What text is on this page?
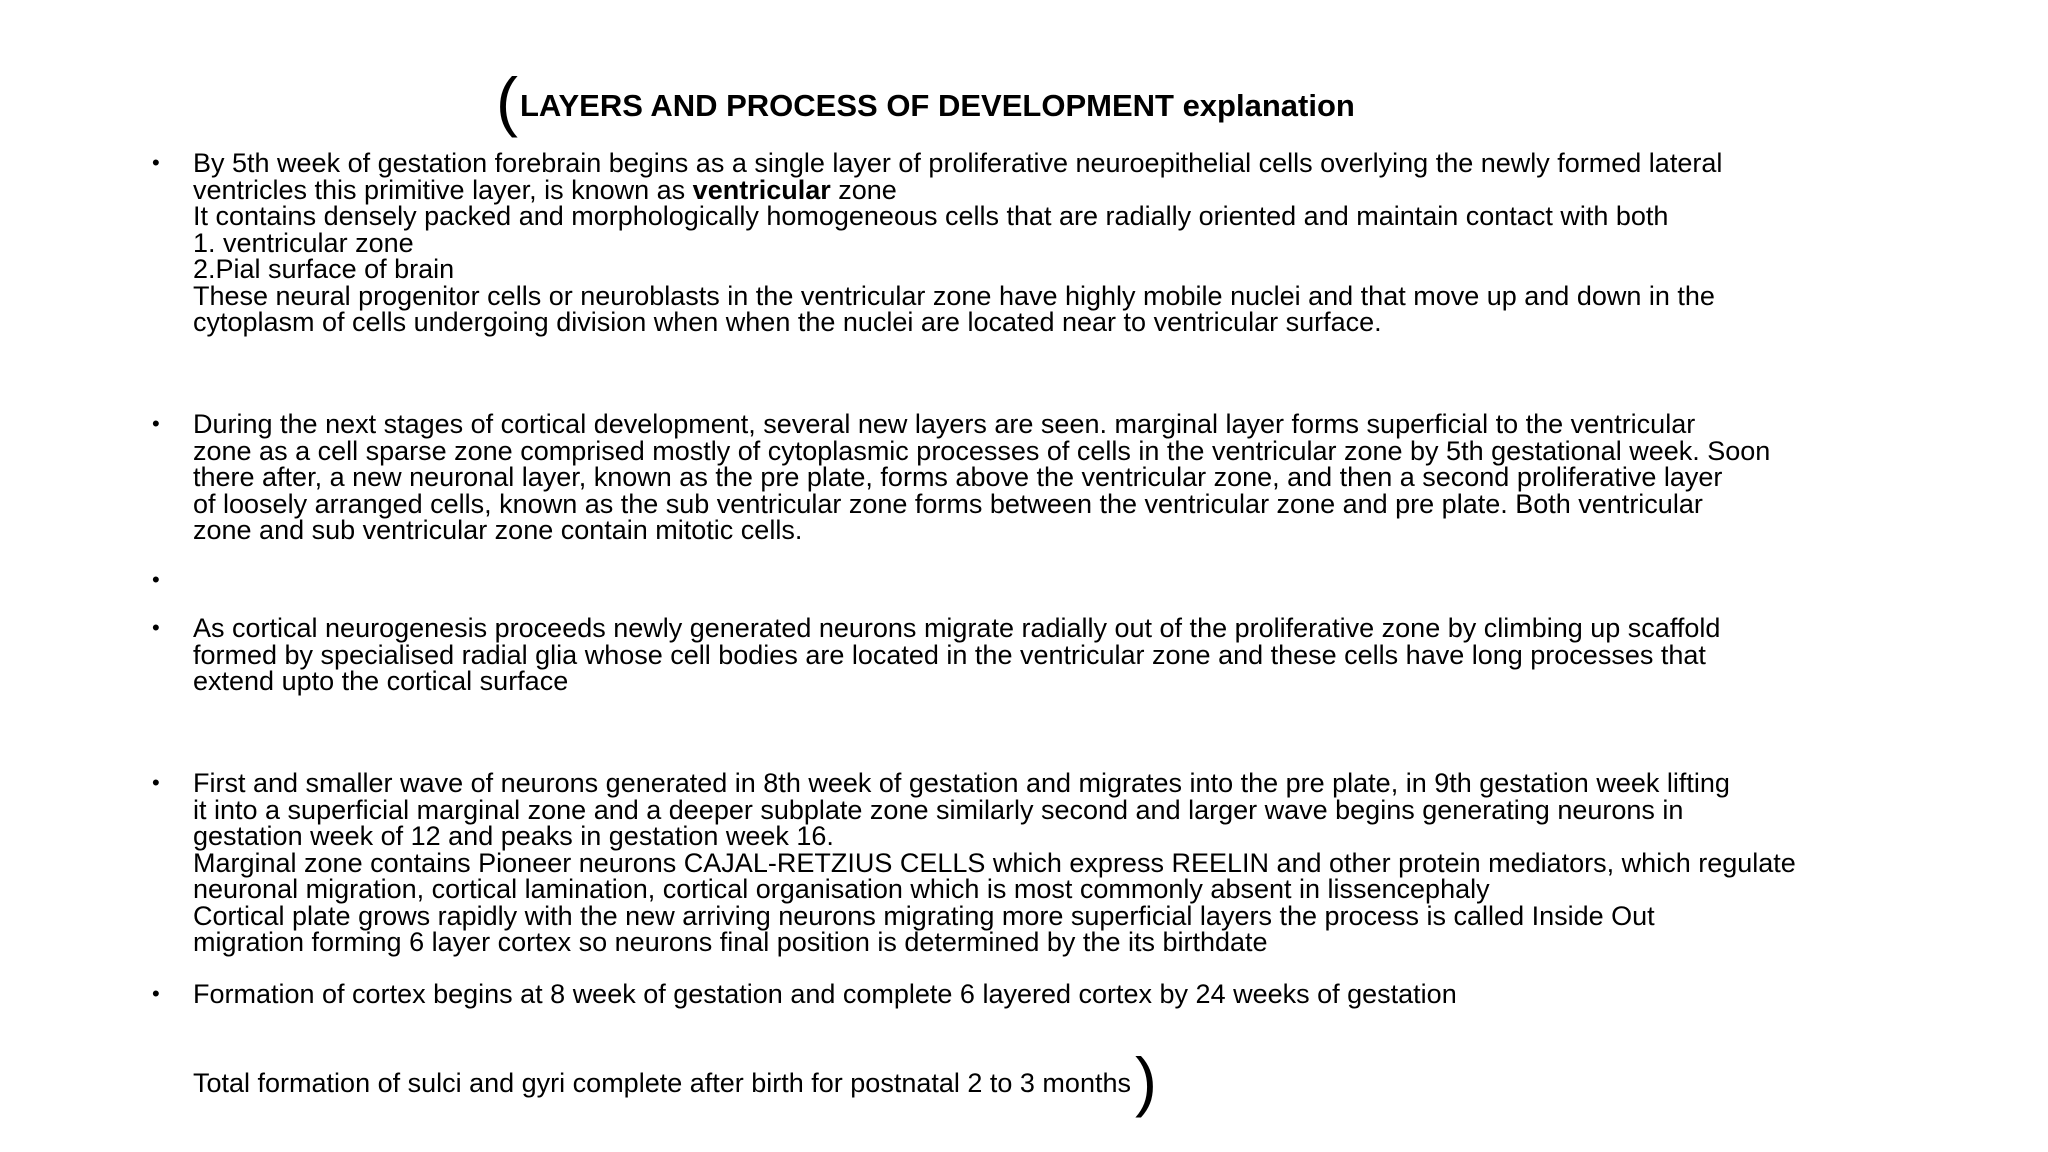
(LAYERS AND PROCESS OF DEVELOPMENT explanation
• By 5th week of gestation forebrain begins as a single layer of proliferative neuroepithelial cells overlying the newly formed lateral
ventricles this primitive layer, is known as ventricular zone
It contains densely packed and morphologically homogeneous cells that are radially oriented and maintain contact with both
1. ventricular zone
2.Pial surface of brain
These neural progenitor cells or neuroblasts in the ventricular zone have highly mobile nuclei and that move up and down in the
cytoplasm of cells undergoing division when when the nuclei are located near to ventricular surface.
• During the next stages of cortical development, several new layers are seen. marginal layer forms superficial to the ventricular
zone as a cell sparse zone comprised mostly of cytoplasmic processes of cells in the ventricular zone by 5th gestational week. Soon
there after, a new neuronal layer, known as the pre plate, forms above the ventricular zone, and then a second proliferative layer
of loosely arranged cells, known as the sub ventricular zone forms between the ventricular zone and pre plate. Both ventricular
zone and sub ventricular zone contain mitotic cells.
•
• As cortical neurogenesis proceeds newly generated neurons migrate radially out of the proliferative zone by climbing up scaffold
formed by specialised radial glia whose cell bodies are located in the ventricular zone and these cells have long processes that
extend upto the cortical surface
• First and smaller wave of neurons generated in 8th week of gestation and migrates into the pre plate, in 9th gestation week lifting
it into a superficial marginal zone and a deeper subplate zone similarly second and larger wave begins generating neurons in
gestation week of 12 and peaks in gestation week 16.
Marginal zone contains Pioneer neurons CAJAL-RETZIUS CELLS which express REELIN and other protein mediators, which regulate
neuronal migration, cortical lamination, cortical organisation which is most commonly absent in lissencephaly
Cortical plate grows rapidly with the new arriving neurons migrating more superficial layers the process is called Inside Out
migration forming 6 layer cortex so neurons final position is determined by the its birthdate
• Formation of cortex begins at 8 week of gestation and complete 6 layered cortex by 24 weeks of gestation
Total formation of sulci and gyri complete after birth for postnatal 2 to 3 months)
